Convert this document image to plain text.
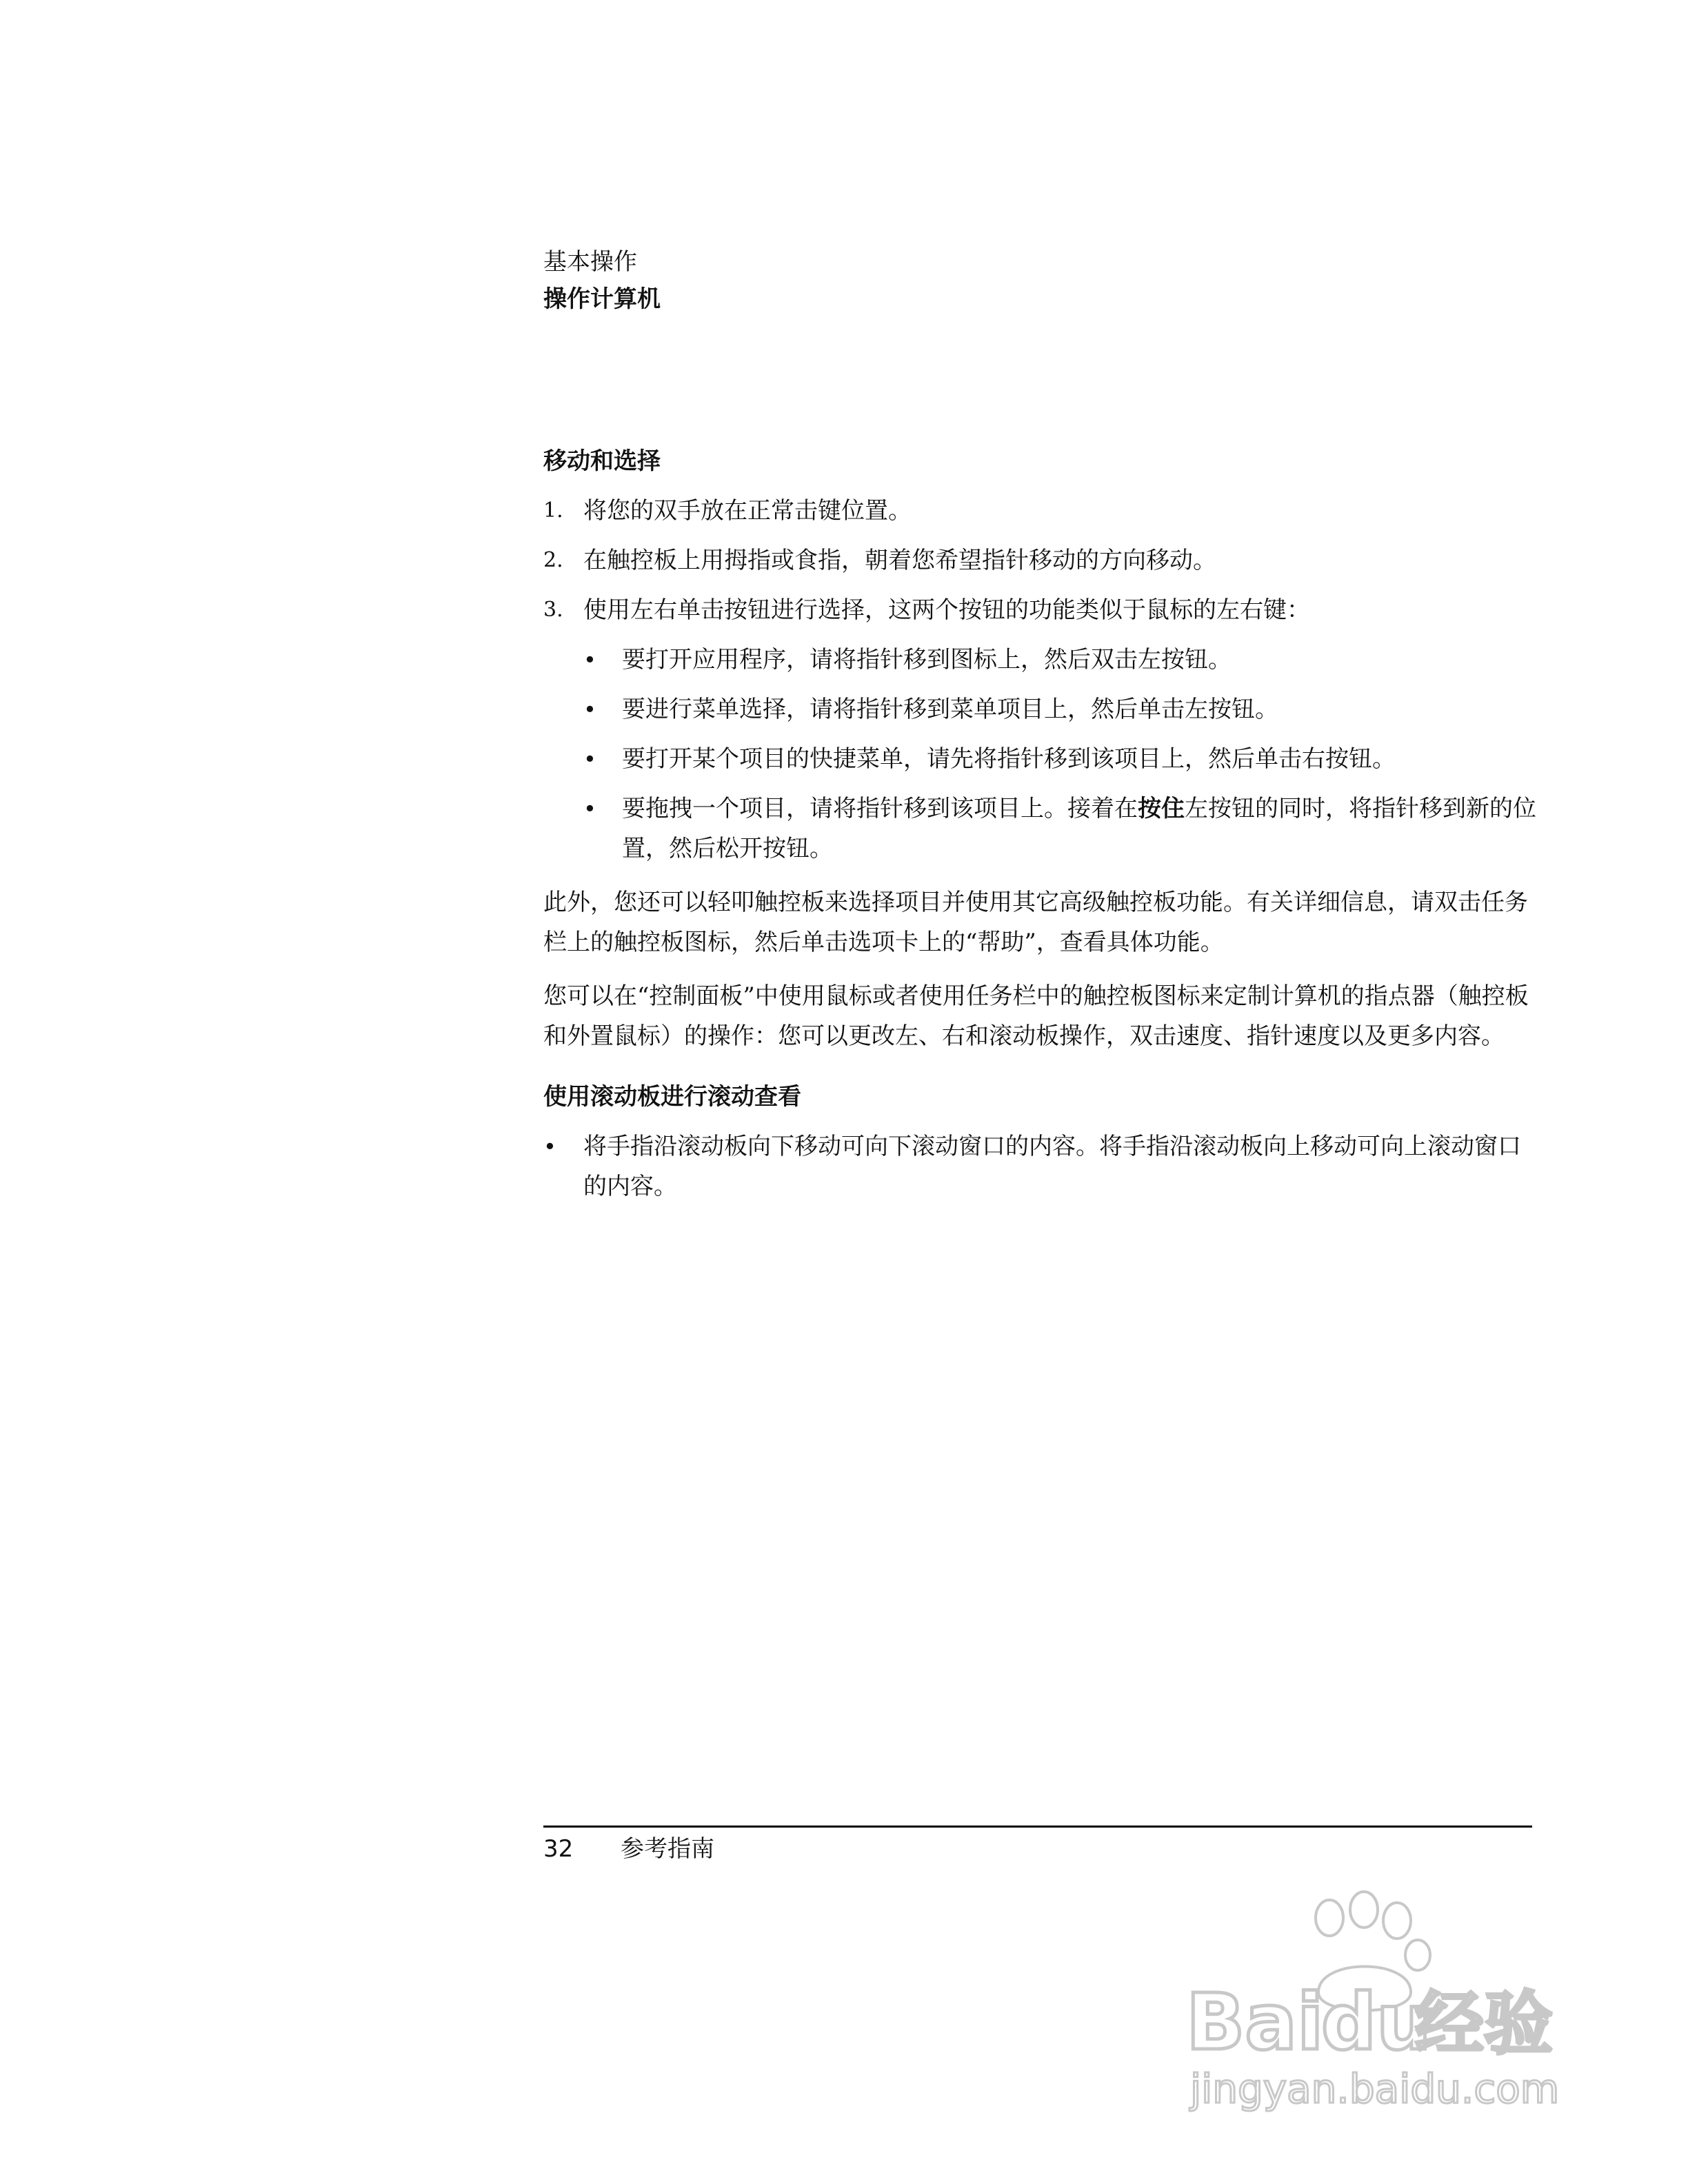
基本操作
操作计算机
移动和选择
1. 将您的双手放在正常击键位置。
2. 在触控板上用拇指或食指，朝着您希望指针移动的方向移动。
3. 使用左右单击按钮进行选择，这两个按钮的功能类似于鼠标的左右键：
• 要打开应用程序，请将指针移到图标上，然后双击左按钮。
• 要进行菜单选择，请将指针移到菜单项目上，然后单击左按钮。
• 要打开某个项目的快捷菜单，请先将指针移到该项目上，然后单击右按钮。
• 要拖拽一个项目，请将指针移到该项目上。接着在按住左按钮的同时，将指针移到新的位置，然后松开按钮。

此外，您还可以轻叩触控板来选择项目并使用其它高级触控板功能。有关详细信息，请双击任务栏上的触控板图标，然后单击选项卡上的“帮助”，查看具体功能。

您可以在“控制面板”中使用鼠标或者使用任务栏中的触控板图标来定制计算机的指点器（触控板和外置鼠标）的操作：您可以更改左、右和滚动板操作，双击速度、指针速度以及更多内容。

使用滚动板进行滚动查看
• 将手指沿滚动板向下移动可向下滚动窗口的内容。将手指沿滚动板向上移动可向上滚动窗口的内容。
32 参考指南
Bai
du
经验
jingyan.baidu.com
